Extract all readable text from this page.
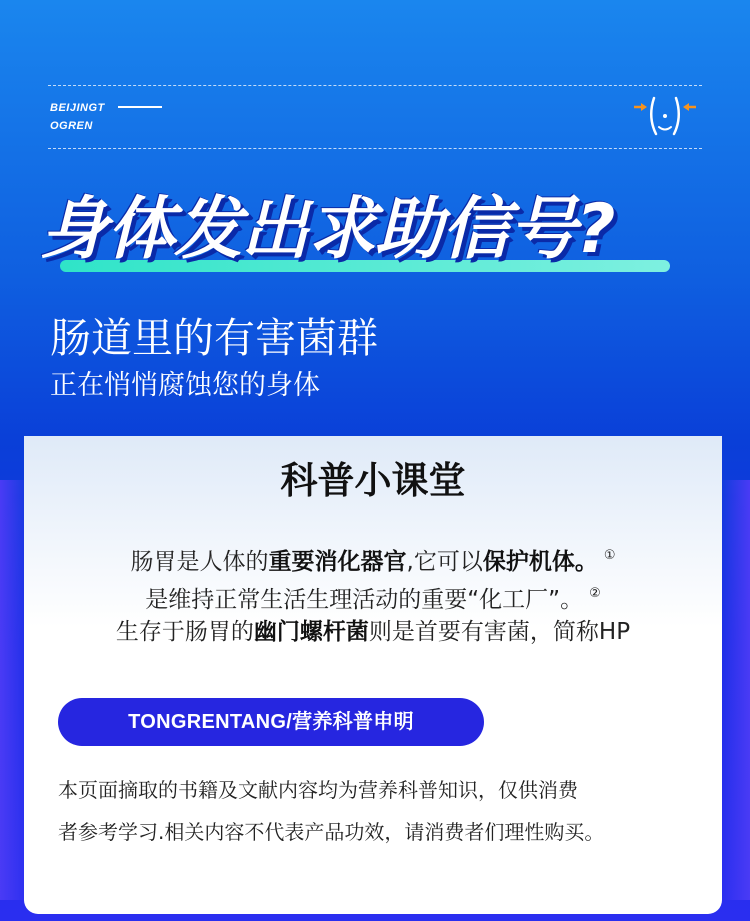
BEIJINGT
OGREN
身体发出求助信号?
肠道里的有害菌群
正在悄悄腐蚀您的身体
科普小课堂
肠胃是人体的重要消化器官,它可以保护机体。 ①
是维持正常生活生理活动的重要“化工厂”。 ②
生存于肠胃的幽门螺杆菌则是首要有害菌，简称HP
TONGRENTANG/营养科普申明
本页面摘取的书籍及文献内容均为营养科普知识，仅供消费
者参考学习.相关内容不代表产品功效，请消费者们理性购买。
